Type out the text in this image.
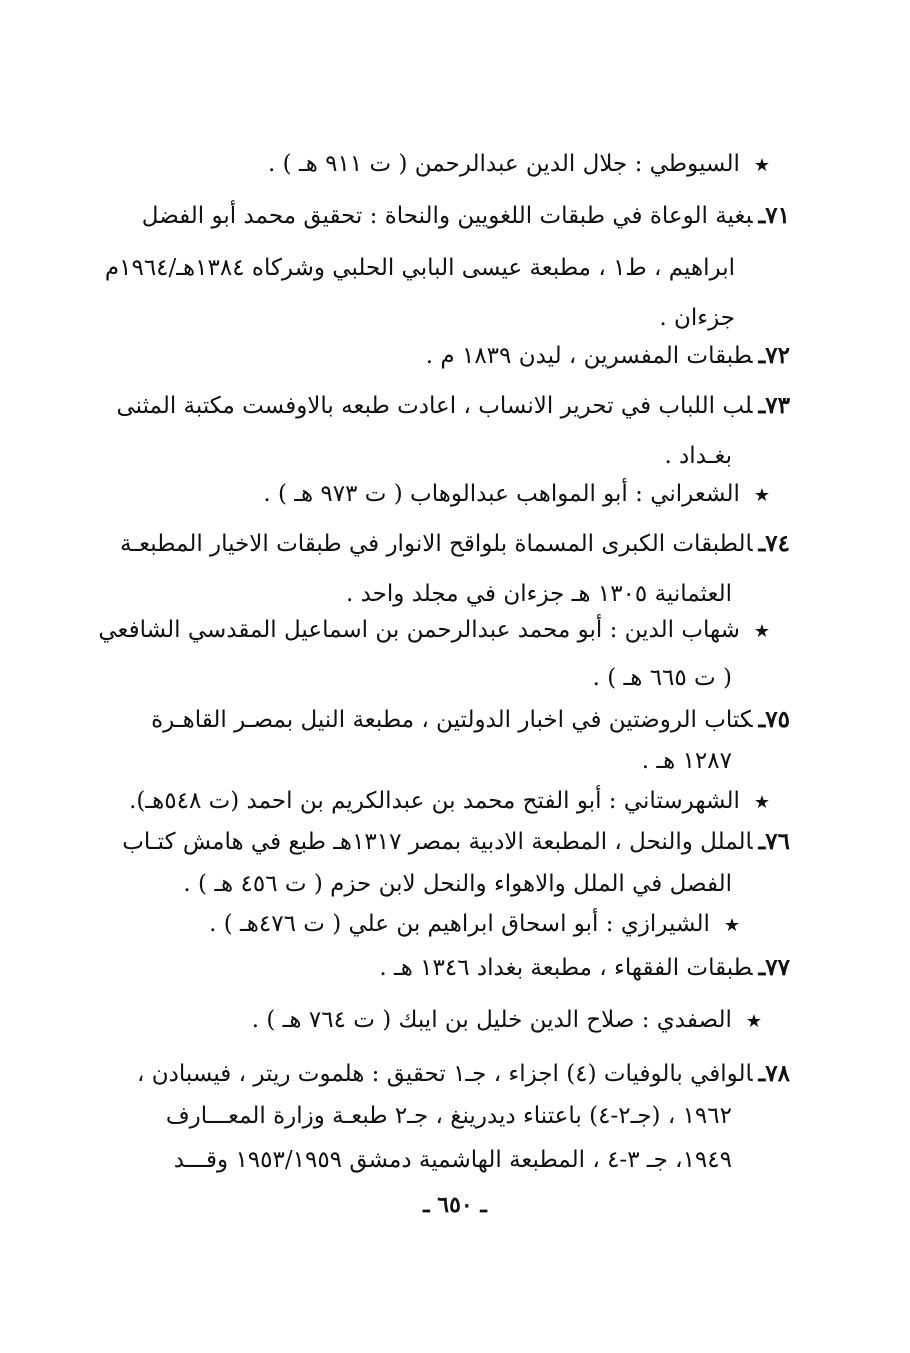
★السيوطي : جلال الدين عبدالرحمن ( ت ٩١١ هـ ) .
٧١ـبغية الوعاة في طبقات اللغويين والنحاة : تحقيق محمد أبو الفضل
ابراهيم ، ط١ ، مطبعة عيسى البابي الحلبي وشركاه ١٣٨٤هـ/١٩٦٤م
جزءان .
٧٢ـطبقات المفسرين ، ليدن ١٨٣٩ م .
٧٣ـلب اللباب في تحرير الانساب ، اعادت طبعه بالاوفست مكتبة المثنى
بغـداد .
★الشعراني : أبو المواهب عبدالوهاب ( ت ٩٧٣ هـ ) .
٧٤ـالطبقات الكبرى المسماة بلواقح الانوار في طبقات الاخيار المطبعـة
العثمانية ١٣٠٥ هـ جزءان في مجلد واحد .
★شهاب الدين : أبو محمد عبدالرحمن بن اسماعيل المقدسي الشافعي
( ت ٦٦٥ هـ ) .
٧٥ـكتاب الروضتين في اخبار الدولتين ، مطبعة النيل بمصـر القاهـرة
١٢٨٧ هـ .
★الشهرستاني : أبو الفتح محمد بن عبدالكريم بن احمد (ت ٥٤٨هـ).
٧٦ـالملل والنحل ، المطبعة الادبية بمصر ١٣١٧هـ طبع في هامش كتـاب
الفصل في الملل والاهواء والنحل لابن حزم ( ت ٤٥٦ هـ ) .
★الشيرازي : أبو اسحاق ابراهيم بن علي ( ت ٤٧٦هـ ) .
٧٧ـطبقات الفقهاء ، مطبعة بغداد ١٣٤٦ هـ .
★الصفدي : صلاح الدين خليل بن ايبك ( ت ٧٦٤ هـ ) .
٧٨ـالوافي بالوفيات (٤) اجزاء ، جـ١ تحقيق : هلموت ريتر ، فيسبادن ،
١٩٦٢ ، (جـ٢-٤) باعتناء ديدرينغ ، جـ٢ طبعـة وزارة المعـــارف
١٩٤٩، جـ ٣-٤ ، المطبعة الهاشمية دمشق ١٩٥٣/١٩٥٩ وقـــد
ـ ٦٥٠ ـ
